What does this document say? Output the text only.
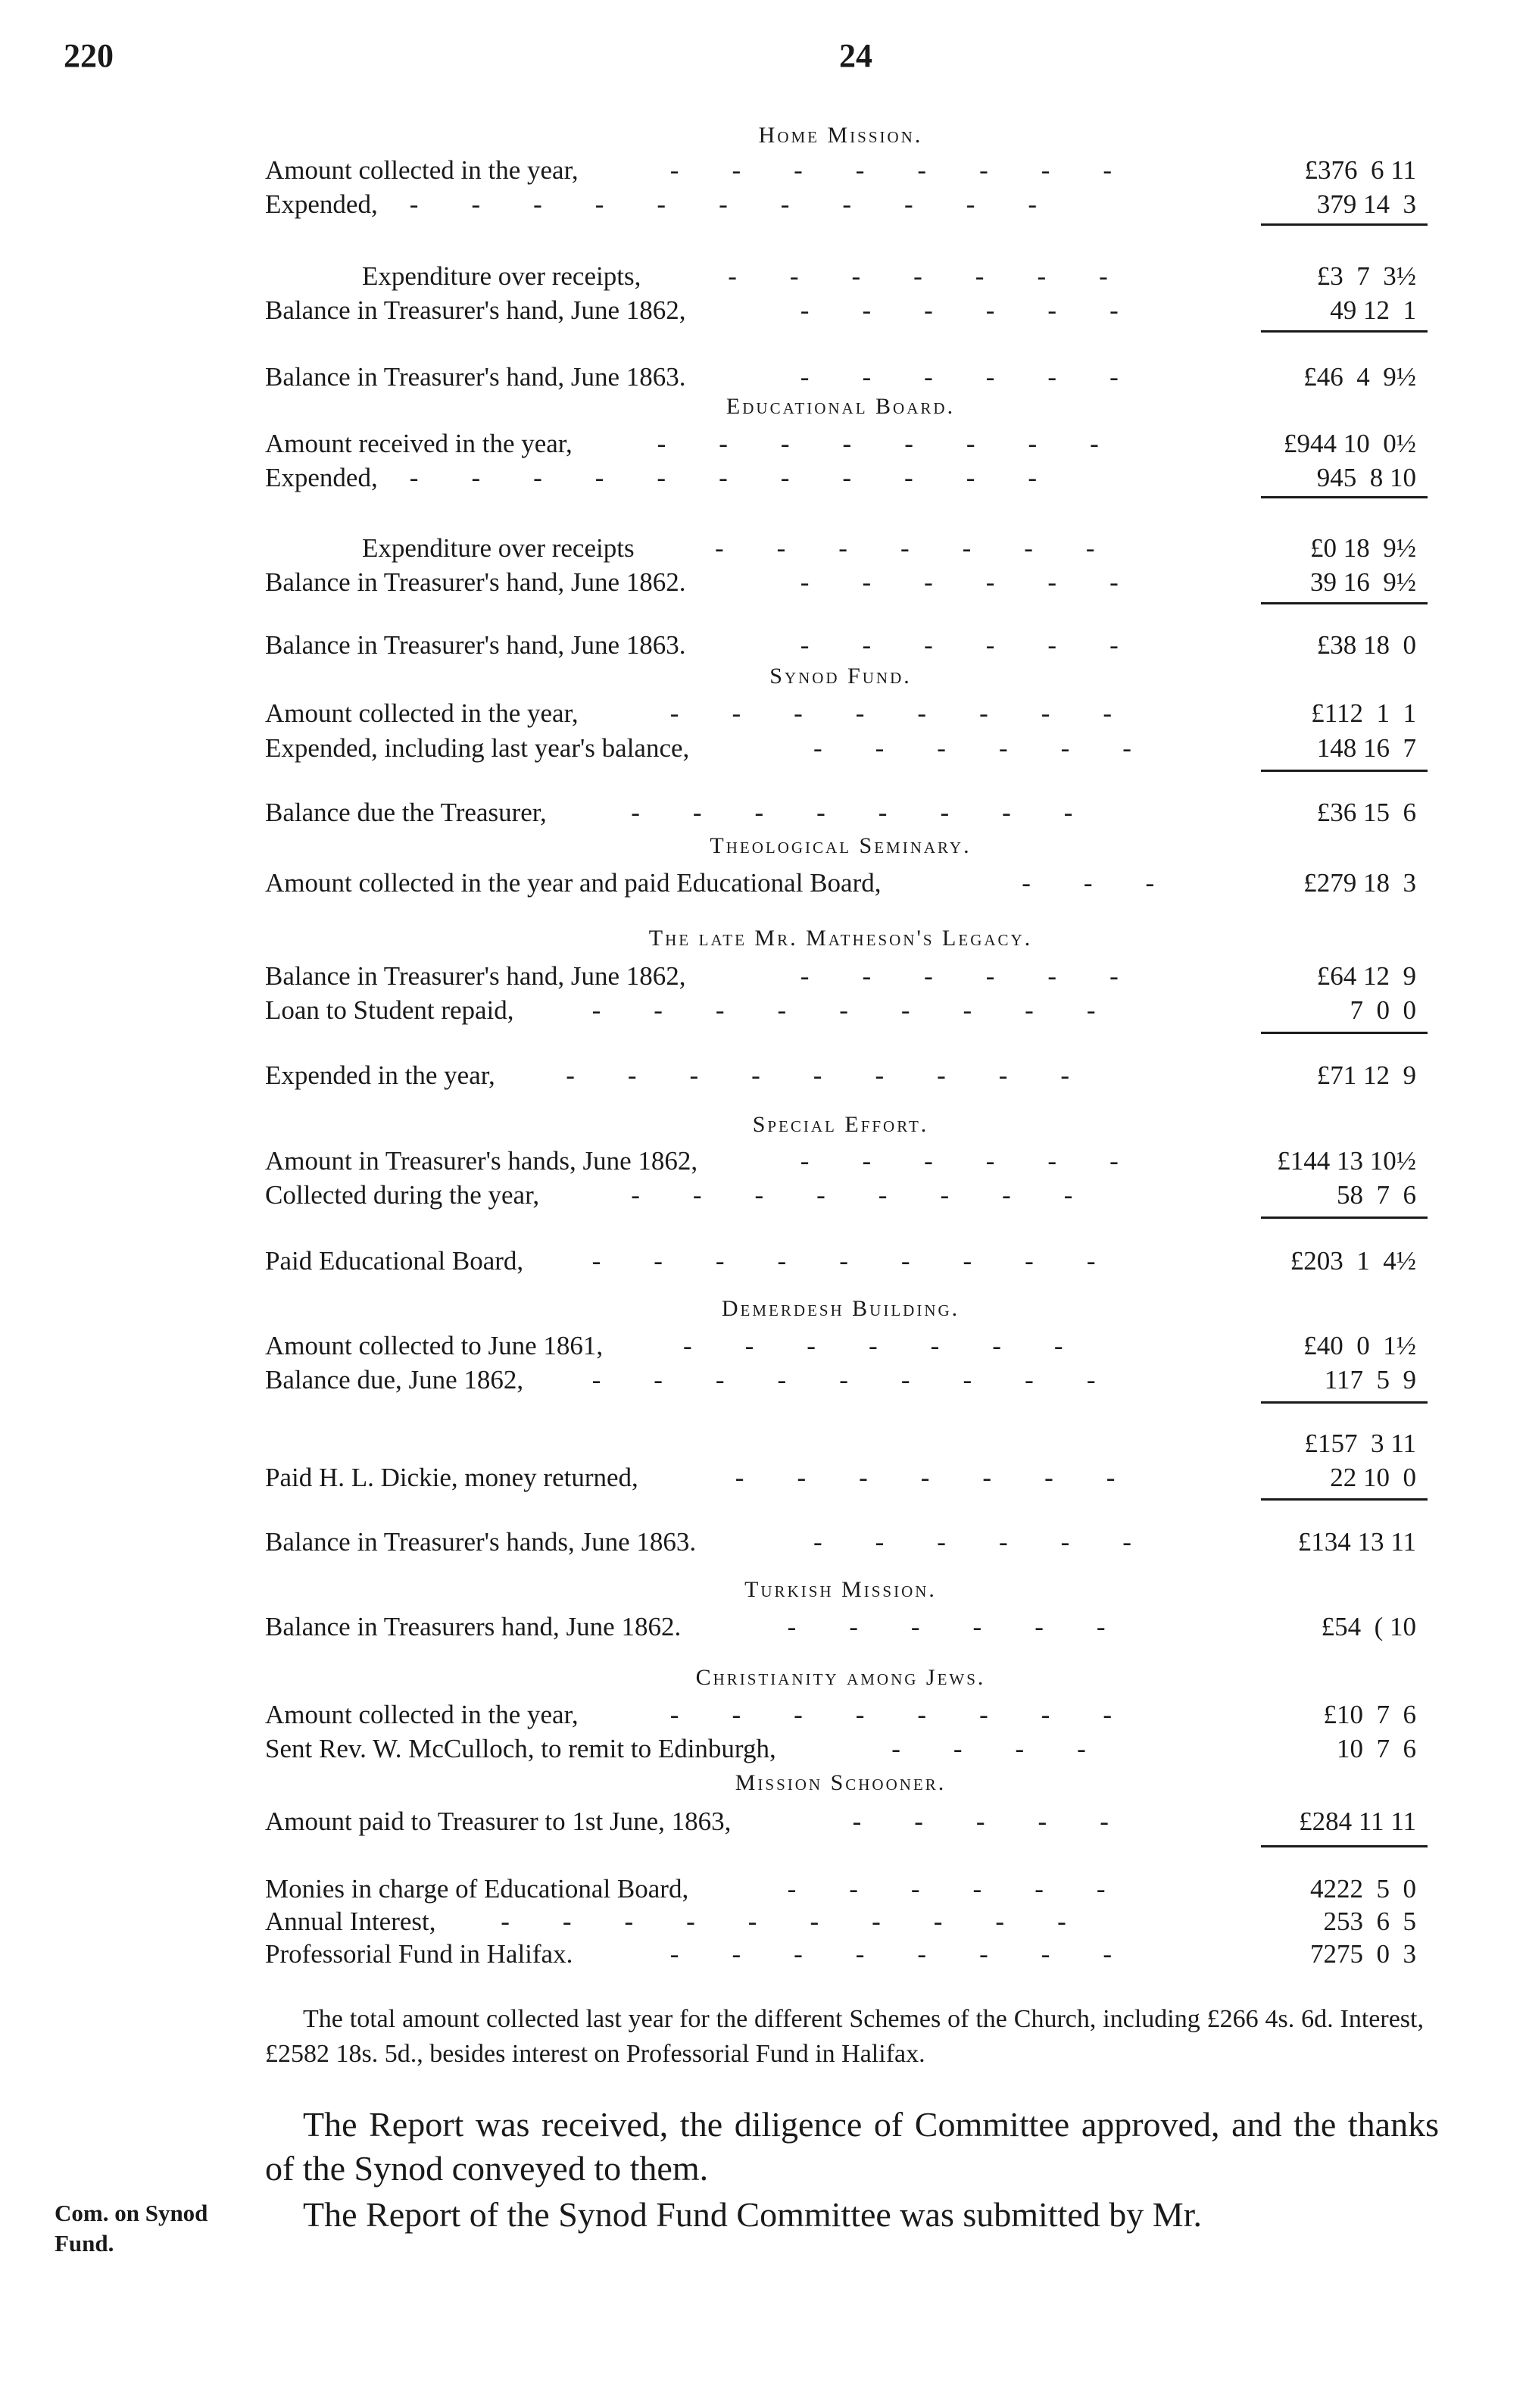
220	24
Home Mission.
Amount collected in the year,	-        -        -        -        -        -        -        -	£376  6 11
Expended, -        -        -        -        -        -        -        -        -        -        -	379 14  3
Expenditure over receipts,	-        -        -        -        -        -        -	£3  7  3½
Balance in Treasurer's hand, June 1862,	-        -        -        -        -        -	49 12  1
Balance in Treasurer's hand, June 1863.	-        -        -        -        -        -	£46  4  9½
Educational Board.
Amount received in the year,	-        -        -        -        -        -        -        -	£944 10  0½
Expended, -        -        -        -        -        -        -        -        -        -        -	945  8 10
Expenditure over receipts	-        -        -        -        -        -        -	£0 18  9½
Balance in Treasurer's hand, June 1862.	-        -        -        -        -        -	39 16  9½
Balance in Treasurer's hand, June 1863.	-        -        -        -        -        -	£38 18  0
Synod Fund.
Amount collected in the year,	-        -        -        -        -        -        -        -	£112  1  1
Expended, including last year's balance,	-        -        -        -        -        -	148 16  7
Balance due the Treasurer,	-        -        -        -        -        -        -        -	£36 15  6
Theological Seminary.
Amount collected in the year and paid Educational Board,	-        -        -	£279 18  3
The late Mr. Matheson's Legacy.
Balance in Treasurer's hand, June 1862,	-        -        -        -        -        -	£64 12  9
Loan to Student repaid,	-        -        -        -        -        -        -        -        -	7  0  0
Expended in the year,	-        -        -        -        -        -        -        -        -	£71 12  9
Special Effort.
Amount in Treasurer's hands, June 1862,	-        -        -        -        -        -	£144 13 10½
Collected during the year,	-        -        -        -        -        -        -        -	58  7  6
Paid Educational Board,	-        -        -        -        -        -        -        -        -	£203  1  4½
Demerdesh Building.
Amount collected to June 1861,	-        -        -        -        -        -        -	£40  0  1½
Balance due, June 1862,	-        -        -        -        -        -        -        -        -	117  5  9
£157  3 11
Paid H. L. Dickie, money returned,	-        -        -        -        -        -        -	22 10  0
Balance in Treasurer's hands, June 1863.	-        -        -        -        -        -	£134 13 11
Turkish Mission.
Balance in Treasurers hand, June 1862.	-        -        -        -        -        -	£54  ( 10
Christianity among Jews.
Amount collected in the year,	-        -        -        -        -        -        -        -	£10  7  6
Sent Rev. W. McCulloch, to remit to Edinburgh,	-        -        -        -	10  7  6
Mission Schooner.
Amount paid to Treasurer to 1st June, 1863,	-        -        -        -        -	£284 11 11
Monies in charge of Educational Board,	-        -        -        -        -        -	4222  5  0
Annual Interest, -        -        -        -        -        -        -        -        -        -	253  6  5
Professorial Fund in Halifax.	-        -        -        -        -        -        -        -	7275  0  3
The total amount collected last year for the different Schemes of the Church, including £266 4s. 6d. Interest, £2582 18s. 5d., besides interest on Professorial Fund in Halifax.
The Report was received, the diligence of Committee approved, and the thanks of the Synod conveyed to them.
The Report of the Synod Fund Committee was submitted by Mr.
Com. on Synod Fund.
